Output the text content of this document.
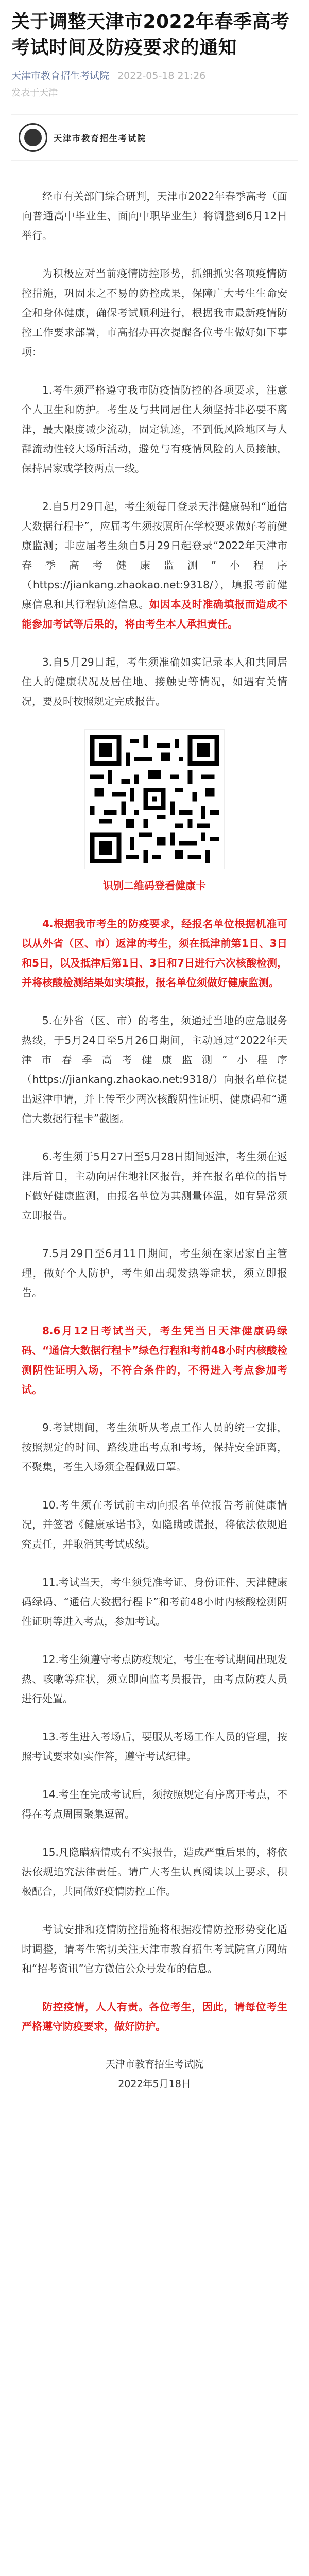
关于调整天津市2022年春季高考考试时间及防疫要求的通知
天津市教育招生考试院 2022-05-18 21:26
发表于天津
天津市教育招生考试院

经市有关部门综合研判，天津市2022年春季高考（面向普通高中毕业生、面向中职毕业生）将调整到6月12日举行。

为积极应对当前疫情防控形势，抓细抓实各项疫情防控措施，巩固来之不易的防控成果，保障广大考生生命安全和身体健康，确保考试顺利进行，根据我市最新疫情防控工作要求部署，市高招办再次提醒各位考生做好如下事项：

1.考生须严格遵守我市防疫情防控的各项要求，注意个人卫生和防护。考生及与共同居住人须坚持非必要不离津，最大限度减少流动，固定轨迹，不到低风险地区与人群流动性较大场所活动，避免与有疫情风险的人员接触，保持居家或学校两点一线。

2.自5月29日起，考生须每日登录天津健康码和“通信大数据行程卡”，应届考生须按照所在学校要求做好考前健康监测；非应届考生须自5月29日起登录“2022年天津市春季高考健康监测”小程序（https://jiankang.zhaokao.net:9318/），填报考前健康信息和其行程轨迹信息。如因本及时准确填报而造成不能参加考试等后果的，将由考生本人承担责任。

3.自5月29日起，考生须准确如实记录本人和共同居住人的健康状况及居住地、接触史等情况，如遇有关情况，要及时按照规定完成报告。

识别二维码登看健康卡

4.根据我市考生的防疫要求，经报名单位根据机准可以从外省（区、市）返津的考生，须在抵津前第1日、3日和5日，以及抵津后第1日、3日和7日进行六次核酸检测，并将核酸检测结果如实填报，报名单位须做好健康监测。

5.在外省（区、市）的考生，须通过当地的应急服务热线，于5月24日至5月26日期间，主动通过“2022年天津市春季高考健康监测”小程序（https://jiankang.zhaokao.net:9318/）向报名单位提出返津申请，并上传至少两次核酸阴性证明、健康码和“通信大数据行程卡”截图。

6.考生须于5月27日至5月28日期间返津，考生须在返津后首日，主动向居住地社区报告，并在报名单位的指导下做好健康监测，由报名单位为其测量体温，如有异常须立即报告。

7.5月29日至6月11日期间，考生须在家居家自主管理，做好个人防护，考生如出现发热等症状，须立即报告。

8.6月12日考试当天，考生凭当日天津健康码绿码、“通信大数据行程卡”绿色行程和考前48小时内核酸检测阴性证明入场，不符合条件的，不得进入考点参加考试。

9.考试期间，考生须听从考点工作人员的统一安排，按照规定的时间、路线进出考点和考场，保持安全距离，不聚集，考生入场须全程佩戴口罩。

10.考生须在考试前主动向报名单位报告考前健康情况，并签署《健康承诺书》，如隐瞒或谎报，将依法依规追究责任，并取消其考试成绩。

11.考试当天，考生须凭准考证、身份证件、天津健康码绿码、“通信大数据行程卡”和考前48小时内核酸检测阴性证明等进入考点，参加考试。

12.考生须遵守考点防疫规定，考生在考试期间出现发热、咳嗽等症状，须立即向监考员报告，由考点防疫人员进行处置。

13.考生进入考场后，要服从考场工作人员的管理，按照考试要求如实作答，遵守考试纪律。

14.考生在完成考试后，须按照规定有序离开考点，不得在考点周围聚集逗留。

15.凡隐瞒病情或有不实报告，造成严重后果的，将依法依规追究法律责任。请广大考生认真阅读以上要求，积极配合，共同做好疫情防控工作。

考试安排和疫情防控措施将根据疫情防控形势变化适时调整，请考生密切关注天津市教育招生考试院官方网站和“招考资讯”官方微信公众号发布的信息。

防控疫情，人人有责。各位考生，因此，请每位考生严格遵守防疫要求，做好防护。

天津市教育招生考试院
2022年5月18日
